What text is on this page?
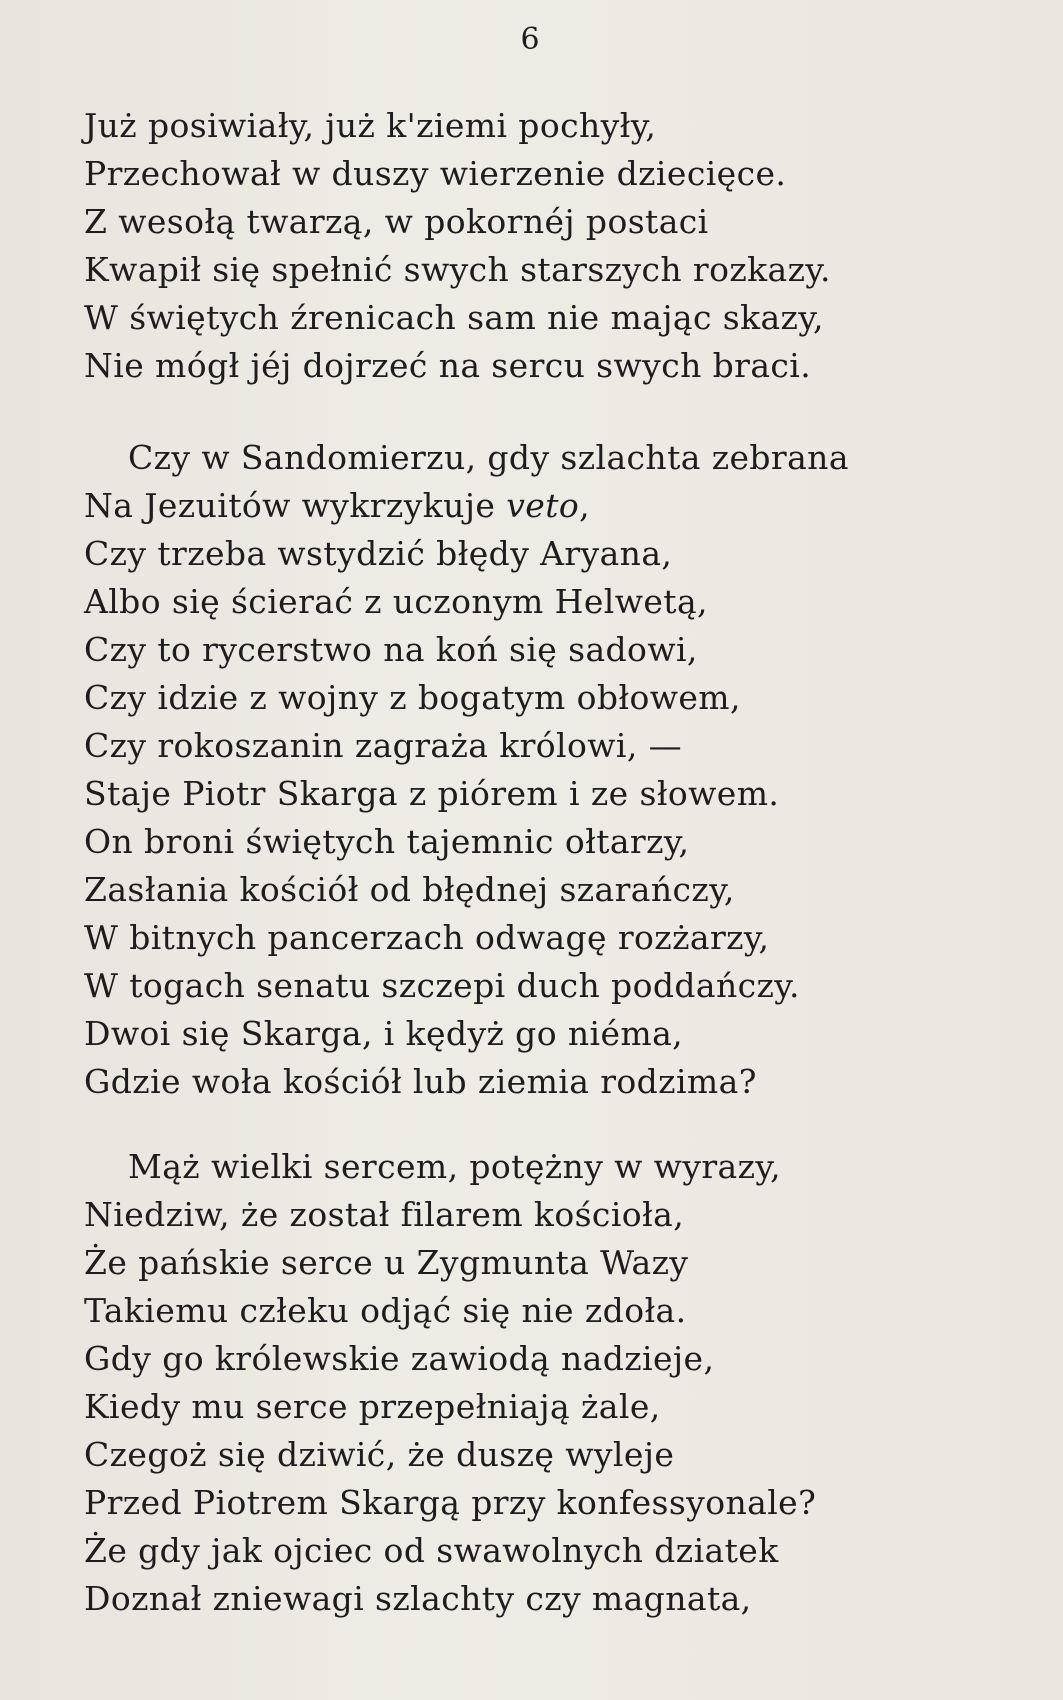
6
Już posiwiały, już k'ziemi pochyły,
Przechował w duszy wierzenie dziecięce.
Z wesołą twarzą, w pokornéj postaci
Kwapił się spełnić swych starszych rozkazy.
W świętych źrenicach sam nie mając skazy,
Nie mógł jéj dojrzeć na sercu swych braci.
Czy w Sandomierzu, gdy szlachta zebrana
Na Jezuitów wykrzykuje veto,
Czy trzeba wstydzić błędy Aryana,
Albo się ścierać z uczonym Helwetą,
Czy to rycerstwo na koń się sadowi,
Czy idzie z wojny z bogatym obłowem,
Czy rokoszanin zagraża królowi, —
Staje Piotr Skarga z piórem i ze słowem.
On broni świętych tajemnic ołtarzy,
Zasłania kościół od błędnej szarańczy,
W bitnych pancerzach odwagę rozżarzy,
W togach senatu szczepi duch poddańczy.
Dwoi się Skarga, i kędyż go niéma,
Gdzie woła kościół lub ziemia rodzima?
Mąż wielki sercem, potężny w wyrazy,
Niedziw, że został filarem kościoła,
Że pańskie serce u Zygmunta Wazy
Takiemu człeku odjąć się nie zdoła.
Gdy go królewskie zawiodą nadzieje,
Kiedy mu serce przepełniają żale,
Czegoż się dziwić, że duszę wyleje
Przed Piotrem Skargą przy konfessyonale?
Że gdy jak ojciec od swawolnych dziatek
Doznał zniewagi szlachty czy magnata,
